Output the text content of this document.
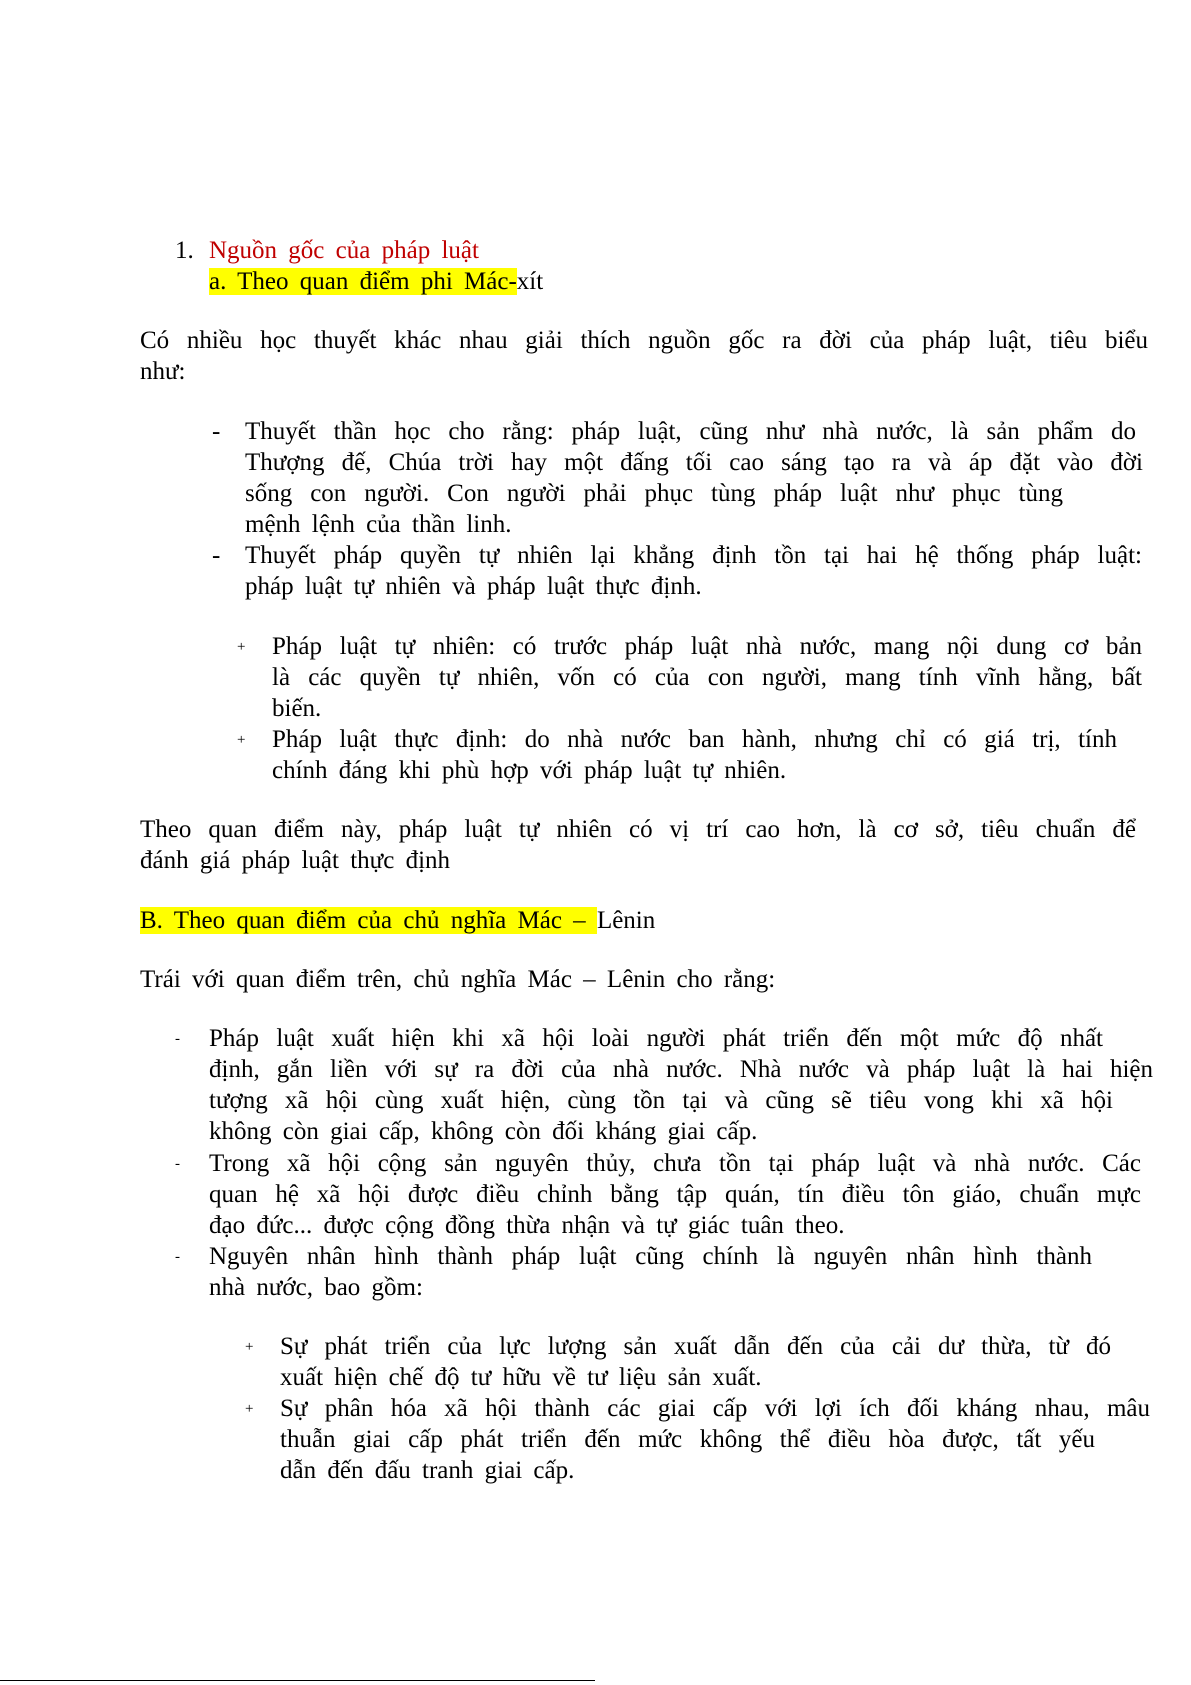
1. Nguồn gốc của pháp luật
a. Theo quan điểm phi Mác-xít
Có nhiều học thuyết khác nhau giải thích nguồn gốc ra đời của pháp luật, tiêu biểu
như:
- Thuyết thần học cho rằng: pháp luật, cũng như nhà nước, là sản phẩm do
Thượng đế, Chúa trời hay một đấng tối cao sáng tạo ra và áp đặt vào đời
sống con người. Con người phải phục tùng pháp luật như phục tùng
mệnh lệnh của thần linh.
- Thuyết pháp quyền tự nhiên lại khẳng định tồn tại hai hệ thống pháp luật:
pháp luật tự nhiên và pháp luật thực định.
+ Pháp luật tự nhiên: có trước pháp luật nhà nước, mang nội dung cơ bản
là các quyền tự nhiên, vốn có của con người, mang tính vĩnh hằng, bất
biến.
+ Pháp luật thực định: do nhà nước ban hành, nhưng chỉ có giá trị, tính
chính đáng khi phù hợp với pháp luật tự nhiên.
Theo quan điểm này, pháp luật tự nhiên có vị trí cao hơn, là cơ sở, tiêu chuẩn để
đánh giá pháp luật thực định
B. Theo quan điểm của chủ nghĩa Mác – Lênin
Trái với quan điểm trên, chủ nghĩa Mác – Lênin cho rằng:
- Pháp luật xuất hiện khi xã hội loài người phát triển đến một mức độ nhất
định, gắn liền với sự ra đời của nhà nước. Nhà nước và pháp luật là hai hiện
tượng xã hội cùng xuất hiện, cùng tồn tại và cũng sẽ tiêu vong khi xã hội
không còn giai cấp, không còn đối kháng giai cấp.
- Trong xã hội cộng sản nguyên thủy, chưa tồn tại pháp luật và nhà nước. Các
quan hệ xã hội được điều chỉnh bằng tập quán, tín điều tôn giáo, chuẩn mực
đạo đức... được cộng đồng thừa nhận và tự giác tuân theo.
- Nguyên nhân hình thành pháp luật cũng chính là nguyên nhân hình thành
nhà nước, bao gồm:
+ Sự phát triển của lực lượng sản xuất dẫn đến của cải dư thừa, từ đó
xuất hiện chế độ tư hữu về tư liệu sản xuất.
+ Sự phân hóa xã hội thành các giai cấp với lợi ích đối kháng nhau, mâu
thuẫn giai cấp phát triển đến mức không thể điều hòa được, tất yếu
dẫn đến đấu tranh giai cấp.
